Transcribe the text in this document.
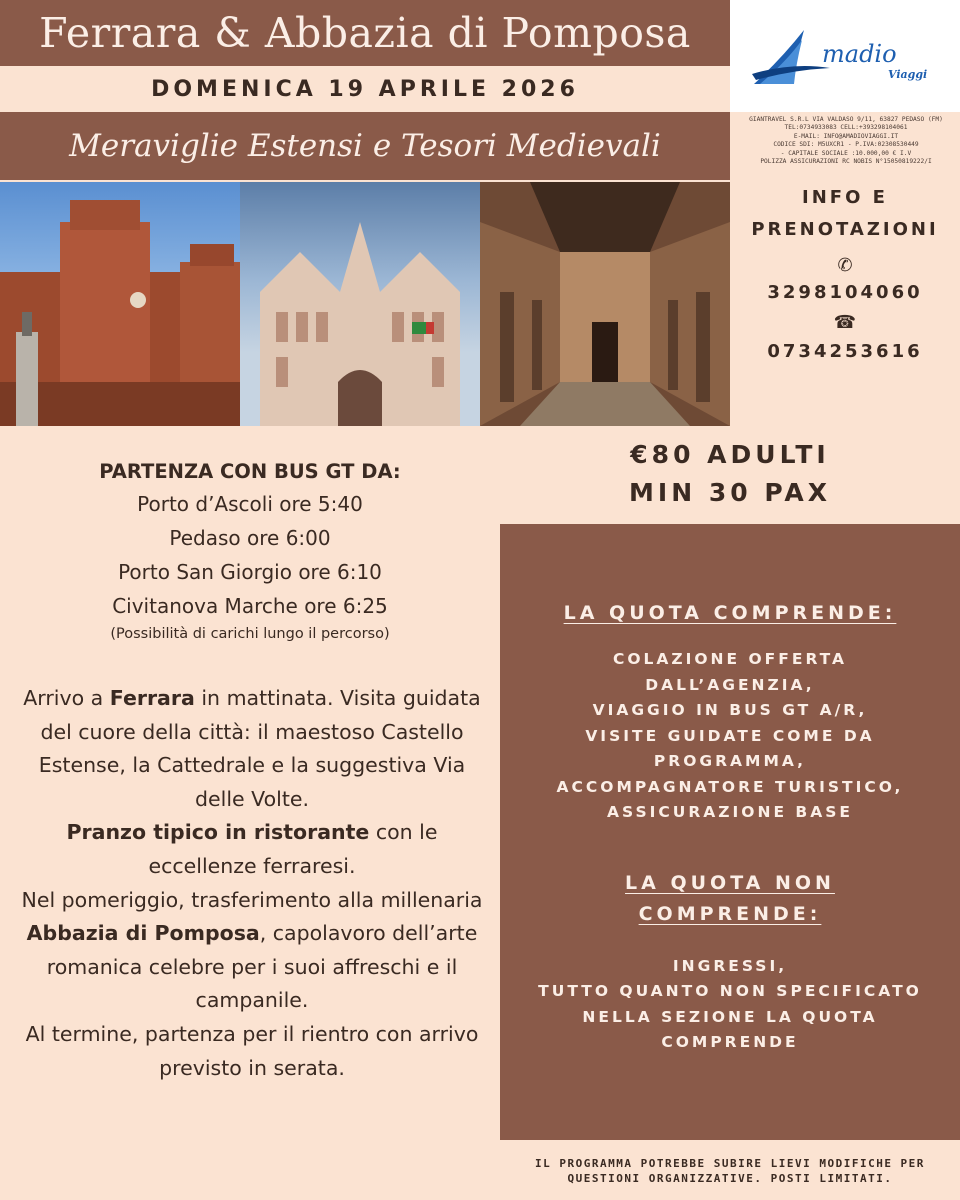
Ferrara & Abbazia di Pomposa
DOMENICA 19 APRILE 2026
Meraviglie Estensi e Tesori Medievali
madio
Viaggi
GIANTRAVEL S.R.L VIA VALDASO 9/11, 63827 PEDASO (FM)
TEL:0734933083 CELL:+393298104061
E-MAIL: INFO@AMADIOVIAGGI.IT
CODICE SDI: M5UXCR1 - P.IVA:02308530449
- CAPITALE SOCIALE :10.000,00 € I.V
POLIZZA ASSICURAZIONI RC NOBIS N°15050819222/I
INFO E
PRENOTAZIONI
✆
3298104060
☎
0734253616
PARTENZA CON BUS GT DA:
Porto d’Ascoli ore 5:40
Pedaso ore 6:00
Porto San Giorgio ore 6:10
Civitanova Marche ore 6:25
(Possibilità di carichi lungo il percorso)
Arrivo a Ferrara in mattinata. Visita guidata del cuore della città: il maestoso Castello Estense, la Cattedrale e la suggestiva Via delle Volte.
Pranzo tipico in ristorante con le eccellenze ferraresi.
Nel pomeriggio, trasferimento alla millenaria Abbazia di Pomposa, capolavoro dell’arte romanica celebre per i suoi affreschi e il campanile.
Al termine, partenza per il rientro con arrivo previsto in serata.
€80 ADULTI
MIN 30 PAX
LA QUOTA COMPRENDE:
COLAZIONE OFFERTA
DALL’AGENZIA,
VIAGGIO IN BUS GT A/R,
VISITE GUIDATE COME DA
PROGRAMMA,
ACCOMPAGNATORE TURISTICO,
ASSICURAZIONE BASE
LA QUOTA NON
COMPRENDE:
INGRESSI,
TUTTO QUANTO NON SPECIFICATO
NELLA SEZIONE LA QUOTA
COMPRENDE
IL PROGRAMMA POTREBBE SUBIRE LIEVI MODIFICHE PER
QUESTIONI ORGANIZZATIVE. POSTI LIMITATI.
